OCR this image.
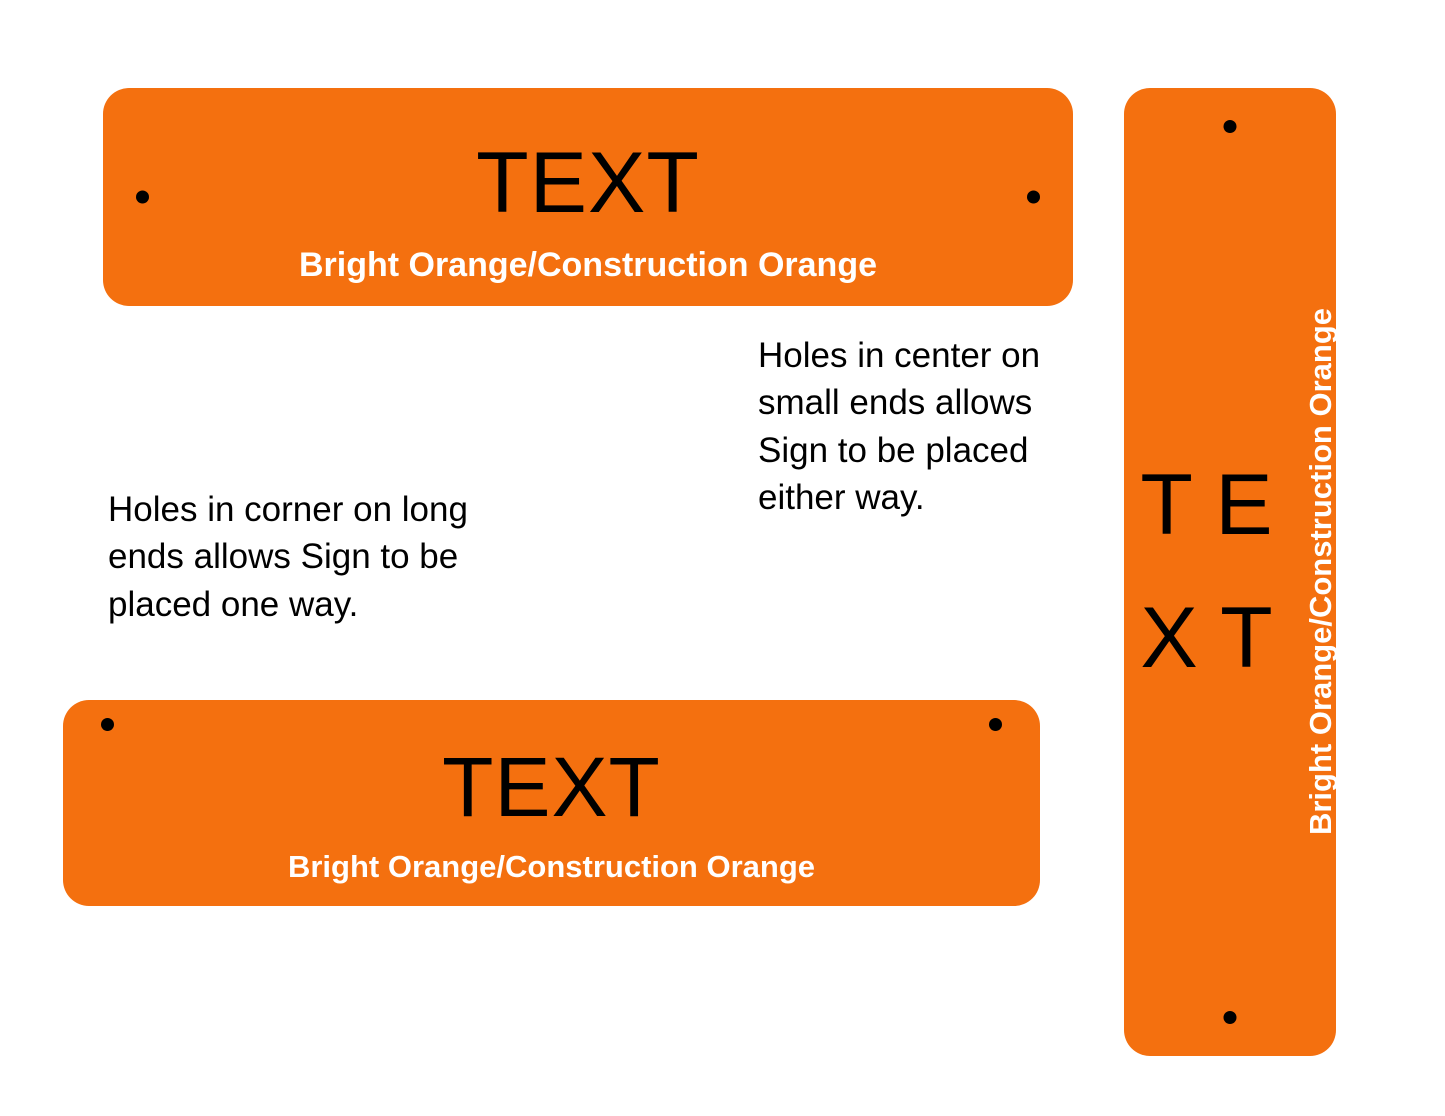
TEXT
Bright Orange/Construction Orange
TEXT
Bright Orange/Construction Orange
T E X T Bright Orange/Construction Orange
Holes in center on small ends allows Sign to be placed either way.
Holes in corner on long ends allows Sign to be placed one way.
